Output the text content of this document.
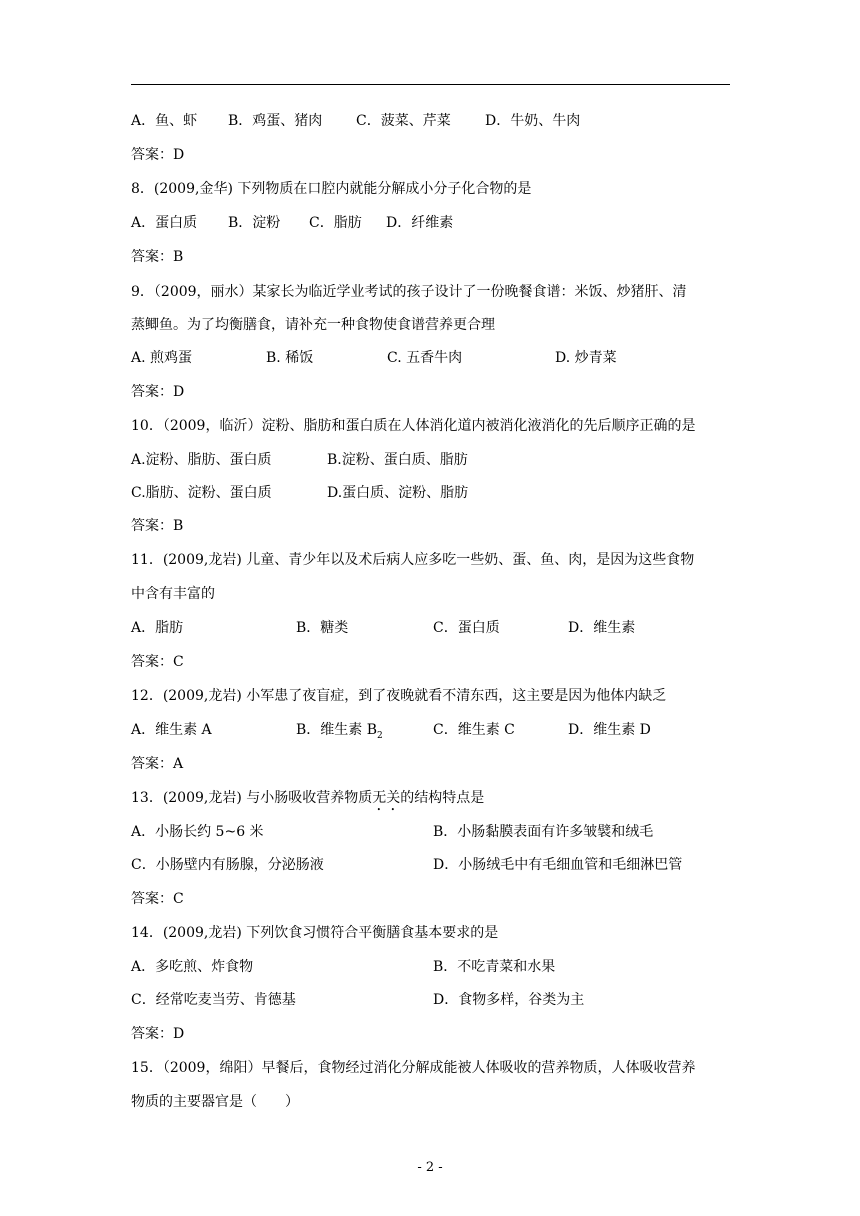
A．鱼、虾 B．鸡蛋、猪肉 C．菠菜、芹菜 D．牛奶、牛肉
答案：D
8．(2009,金华) 下列物质在口腔内就能分解成小分子化合物的是
A．蛋白质 B．淀粉 C．脂肪 D．纤维素
答案：B
9．（2009，丽水）某家长为临近学业考试的孩子设计了一份晚餐食谱：米饭、炒猪肝、清
蒸鲫鱼。为了均衡膳食，请补充一种食物使食谱营养更合理
A. 煎鸡蛋	B. 稀饭	C. 五香牛肉	D. 炒青菜
答案：D
10．（2009，临沂）淀粉、脂肪和蛋白质在人体消化道内被消化液消化的先后顺序正确的是
A.淀粉、脂肪、蛋白质	B.淀粉、蛋白质、脂肪
C.脂肪、淀粉、蛋白质	D.蛋白质、淀粉、脂肪
答案：B
11．(2009,龙岩) 儿童、青少年以及术后病人应多吃一些奶、蛋、鱼、肉，是因为这些食物
中含有丰富的
A．脂肪	B．糖类	C．蛋白质	D．维生素
答案：C
12．(2009,龙岩) 小军患了夜盲症，到了夜晚就看不清东西，这主要是因为他体内缺乏
A．维生素 A	B．维生素 $B_2$	C．维生素 C	D．维生素 D
答案：A
13．(2009,龙岩) 与小肠吸收营养物质无关的结构特点是
A．小肠长约 5~6 米	B．小肠黏膜表面有许多皱襞和绒毛
C．小肠壁内有肠腺，分泌肠液	D．小肠绒毛中有毛细血管和毛细淋巴管
答案：C
14．(2009,龙岩) 下列饮食习惯符合平衡膳食基本要求的是
A．多吃煎、炸食物	B．不吃青菜和水果
C．经常吃麦当劳、肯德基	D．食物多样，谷类为主
答案：D
15．（2009，绵阳）早餐后，食物经过消化分解成能被人体吸收的营养物质，人体吸收营养
物质的主要器官是（　　）
- 2 -
